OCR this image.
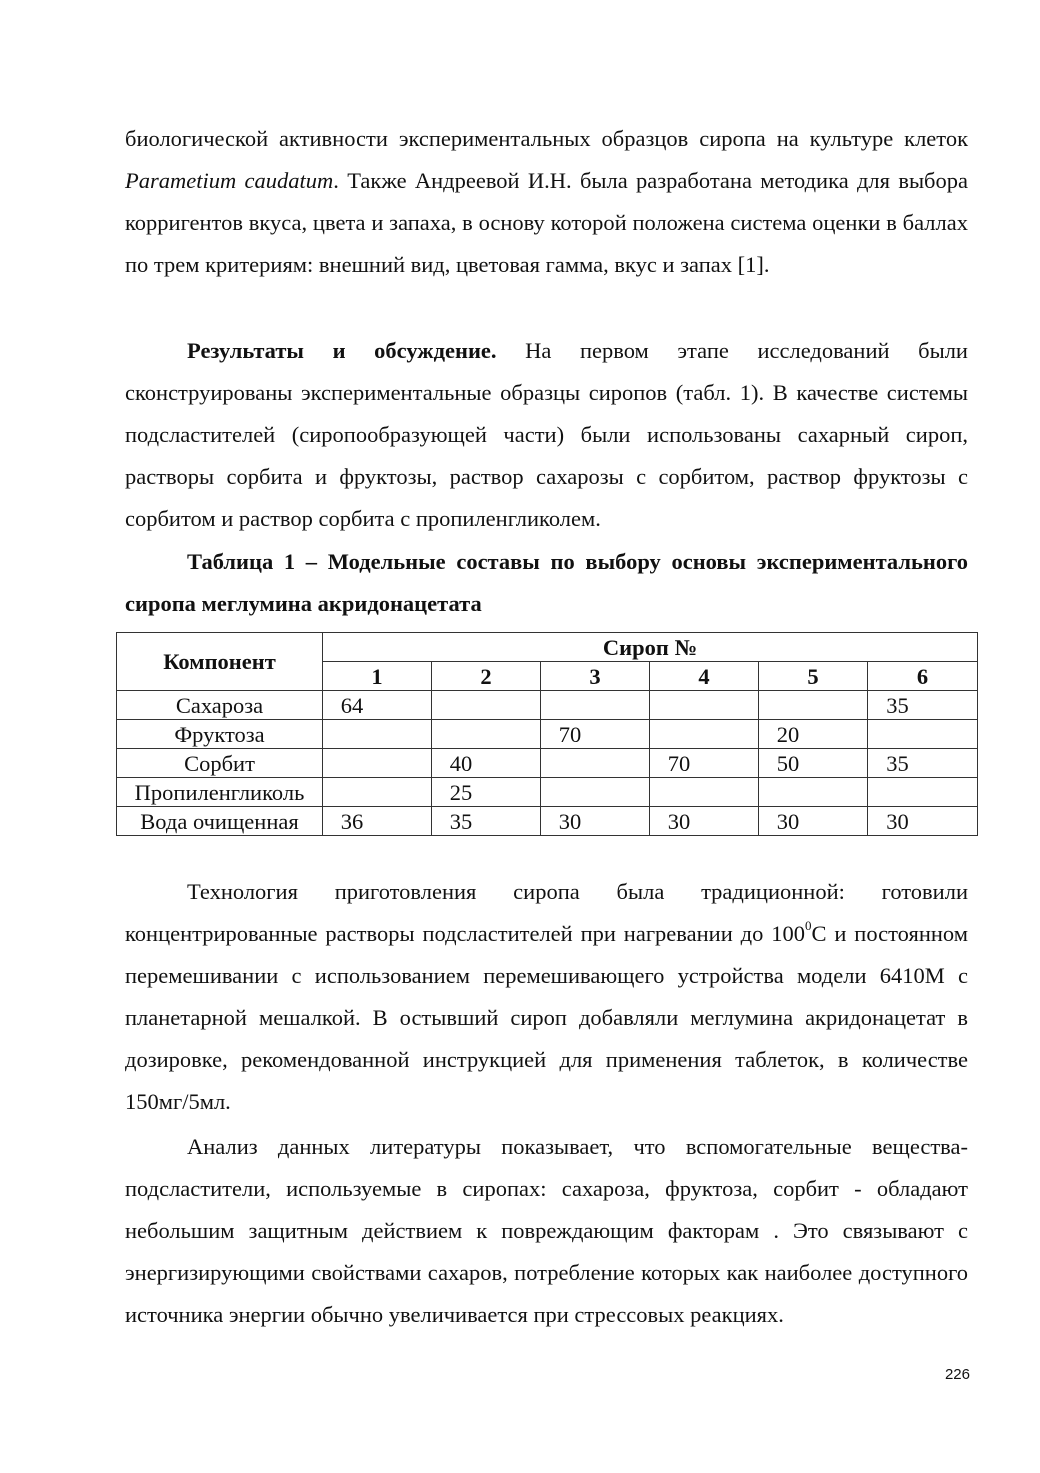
биологической активности экспериментальных образцов сиропа на культуре клеток Parametium caudatum. Также Андреевой И.Н. была разработана методика для выбора корригентов вкуса, цвета и запаха, в основу которой положена система оценки в баллах по трем критериям: внешний вид, цветовая гамма, вкус и запах [1].
Результаты и обсуждение. На первом этапе исследований были сконструированы экспериментальные образцы сиропов (табл. 1). В качестве системы подсластителей (сиропообразующей части) были использованы сахарный сироп, растворы сорбита и фруктозы, раствор сахарозы с сорбитом, раствор фруктозы с сорбитом и раствор сорбита с пропиленгликолем.
Таблица 1 – Модельные составы по выбору основы экспериментального сиропа меглумина акридонацетата
Компонент	Сироп №					
	1	2	3	4	5	6
Сахароза	64					35
Фруктоза			70		20	
Сорбит		40		70	50	35
Пропиленгликоль		25				
Вода очищенная	36	35	30	30	30	30
Технология приготовления сиропа была традиционной: готовили концентрированные растворы подсластителей при нагревании до $100^0С$ и постоянном перемешивании с использованием перемешивающего устройства модели 6410М с планетарной мешалкой. В остывший сироп добавляли меглумина акридонацетат в дозировке, рекомендованной инструкцией для применения таблеток, в количестве 150мг/5мл.
Анализ данных литературы показывает, что вспомогательные вещества-подсластители, используемые в сиропах: сахароза, фруктоза, сорбит - обладают небольшим защитным действием к повреждающим факторам . Это связывают с энергизирующими свойствами сахаров, потребление которых как наиболее доступного источника энергии обычно увеличивается при стрессовых реакциях.
226
